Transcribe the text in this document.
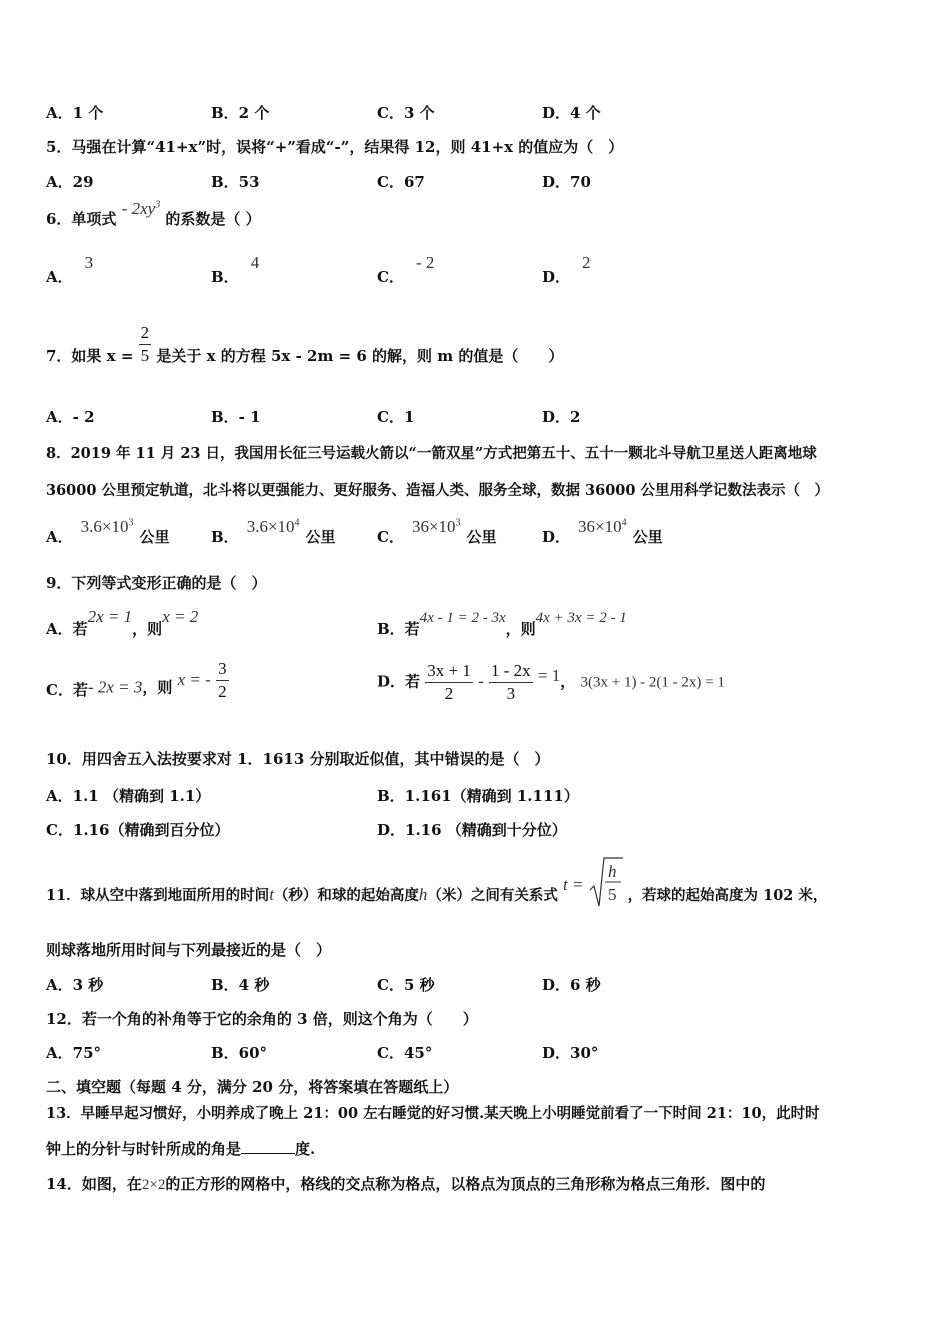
A．1 个	B．2 个	C．3 个	D．4 个
5．马强在计算“41+x”时，误将“+”看成“-”，结果得 12，则 41+x 的值应为（　）
A．29	B．53	C．67	D．70
6．单项式 - $2xy^3$ 的系数是（ ）
A．3
B．4
C．- 2
D．2
7．如果 $x = \frac{2}{5}$ 是关于 x 的方程 5x - 2m = 6 的解，则 m 的值是（　　）
A．- 2	B．- 1	C．1	D．2
8．2019 年 11 月 23 日，我国用长征三号运载火箭以“一箭双星”方式把第五十、五十一颗北斗导航卫星送人距离地球
36000 公里预定轨道，北斗将以更强能力、更好服务、造福人类、服务全球，数据 36000 公里用科学记数法表示（　）
A．$3.6\times 10^3$公里	B．$3.6\times 10^4$公里	C．$36\times 10^3$公里	D．$36\times 10^4$公里
9．下列等式变形正确的是（　）
A．若2x = 1，则x = 2
B．若4x - 1 = 2 - 3x，则4x + 3x = 2 - 1
C．若- 2x = 3，则 x = - $\frac{3}{2}$	D．若 $\frac{3x + 1}{2} - \frac{1 - 2x}{3} = 1$， 3(3x + 1) - 2(1 - 2x) = 1
10．用四舍五入法按要求对 1．1613 分别取近似值，其中错误的是（　）
A．1.1 （精确到 1.1）	B．1.161（精确到 1.111）
C．1.16（精确到百分位）	D．1.16 （精确到十分位）
11．球从空中落到地面所用的时间t（秒）和球的起始高度h（米）之间有关系式 t =
h
5 ，若球的起始高度为 102 米，
则球落地所用时间与下列最接近的是（　）
A．3 秒	B．4 秒	C．5 秒	D．6 秒
12．若一个角的补角等于它的余角的 3 倍，则这个角为（　　）
A．75°	B．60°	C．45°	D．30°
二、填空题（每题 4 分，满分 20 分，将答案填在答题纸上）
13．早睡早起习惯好，小明养成了晚上 21：00 左右睡觉的好习惯.某天晚上小明睡觉前看了一下时间 21：10，此时时
钟上的分针与时针所成的角是	度.
14．如图，在2×2的正方形的网格中，格线的交点称为格点，以格点为顶点的三角形称为格点三角形．图中的
